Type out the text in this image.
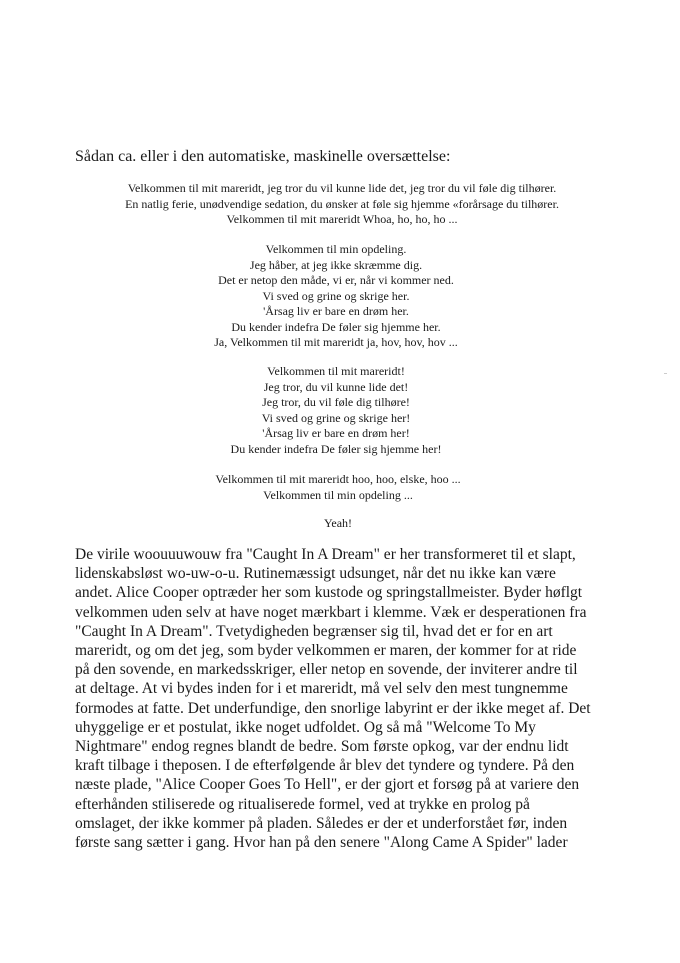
Sådan ca. eller i den automatiske, maskinelle oversættelse:
Velkommen til mit mareridt, jeg tror du vil kunne lide det, jeg tror du vil føle dig tilhører.
En natlig ferie, unødvendige sedation, du ønsker at føle sig hjemme «forårsage du tilhører.
Velkommen til mit mareridt Whoa, ho, ho, ho ...
Velkommen til min opdeling.
Jeg håber, at jeg ikke skræmme dig.
Det er netop den måde, vi er, når vi kommer ned.
Vi sved og grine og skrige her.
'Årsag liv er bare en drøm her.
Du kender indefra De føler sig hjemme her.
Ja, Velkommen til mit mareridt ja, hov, hov, hov ...
Velkommen til mit mareridt!
Jeg tror, du vil kunne lide det!
Jeg tror, du vil føle dig tilhøre!
Vi sved og grine og skrige her!
'Årsag liv er bare en drøm her!
Du kender indefra De føler sig hjemme her!
Velkommen til mit mareridt hoo, hoo, elske, hoo ...
Velkommen til min opdeling ...
Yeah!
De virile woouuuwouw fra "Caught In A Dream" er her transformeret til et slapt,
lidenskabsløst wo-uw-o-u. Rutinemæssigt udsunget, når det nu ikke kan være
andet. Alice Cooper optræder her som kustode og springstallmeister. Byder høflgt
velkommen uden selv at have noget mærkbart i klemme. Væk er desperationen fra
"Caught In A Dream". Tvetydigheden begrænser sig til, hvad det er for en art
mareridt, og om det jeg, som byder velkommen er maren, der kommer for at ride
på den sovende, en markedsskriger, eller netop en sovende, der inviterer andre til
at deltage. At vi bydes inden for i et mareridt, må vel selv den mest tungnemme
formodes at fatte. Det underfundige, den snorlige labyrint er der ikke meget af. Det
uhyggelige er et postulat, ikke noget udfoldet. Og så må "Welcome To My
Nightmare" endog regnes blandt de bedre. Som første opkog, var der endnu lidt
kraft tilbage i theposen. I de efterfølgende år blev det tyndere og tyndere. På den
næste plade, "Alice Cooper Goes To Hell", er der gjort et forsøg på at variere den
efterhånden stiliserede og ritualiserede formel, ved at trykke en prolog på
omslaget, der ikke kommer på pladen. Således er der et underforstået før, inden
første sang sætter i gang. Hvor han på den senere "Along Came A Spider" lader
